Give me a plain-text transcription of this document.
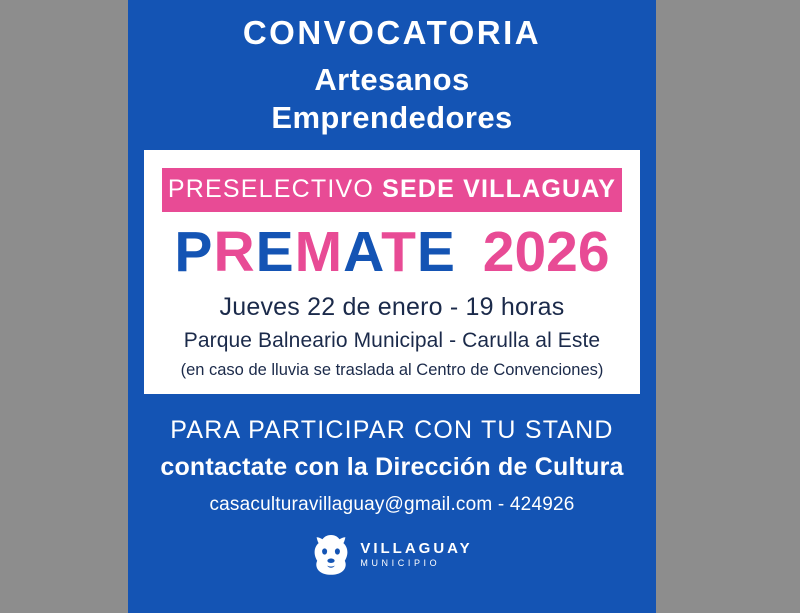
CONVOCATORIA
Artesanos
Emprendedores
PRESELECTIVO SEDE VILLAGUAY
PREMATE 2026
Jueves 22 de enero - 19 horas
Parque Balneario Municipal - Carulla al Este
(en caso de lluvia se traslada al Centro de Convenciones)
PARA PARTICIPAR CON TU STAND
contactate con la Dirección de Cultura
casaculturavillaguay@gmail.com - 424926
VILLAGUAY
MUNICIPIO
